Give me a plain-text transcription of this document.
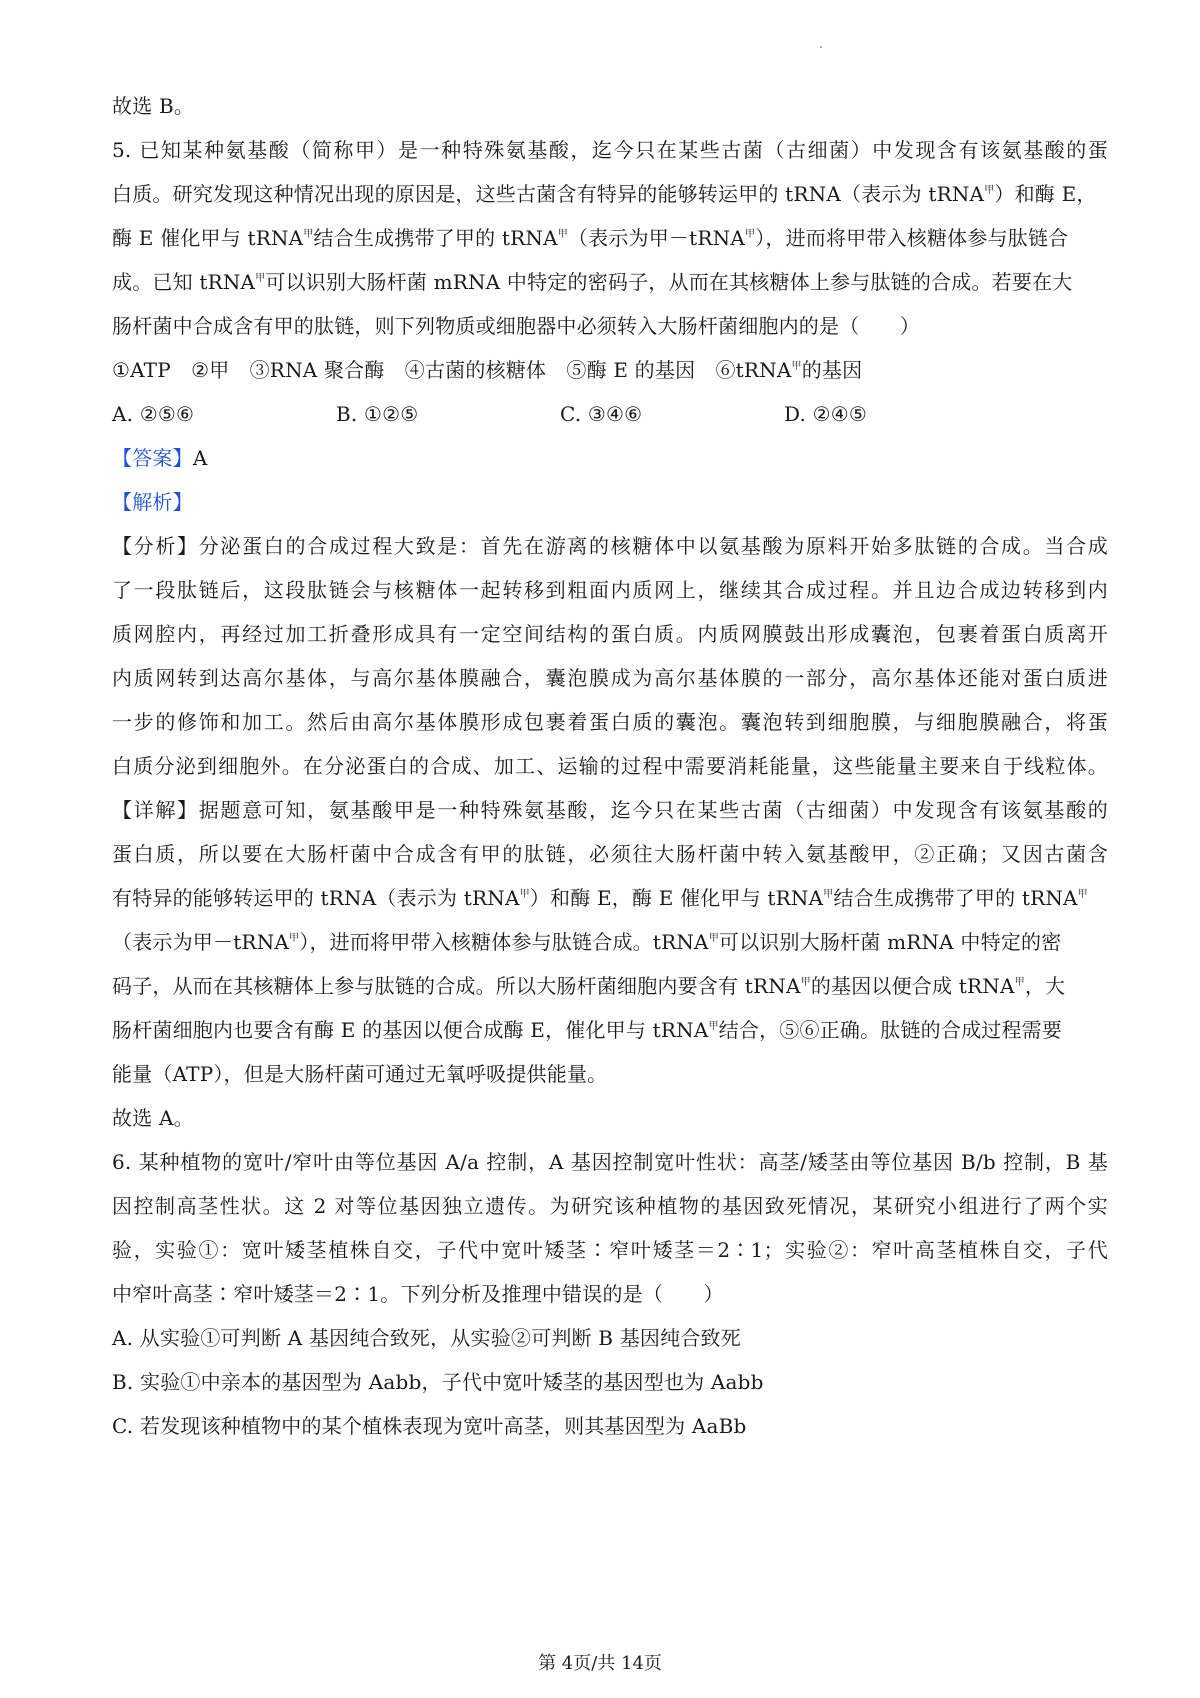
故选 B。
5. 已知某种氨基酸（简称甲）是一种特殊氨基酸，迄今只在某些古菌（古细菌）中发现含有该氨基酸的蛋
白质。研究发现这种情况出现的原因是，这些古菌含有特异的能够转运甲的 tRNA（表示为 tRNA$^甲$）和酶 E，
酶 E 催化甲与 tRNA$^甲$结合生成携带了甲的 tRNA$^甲$（表示为甲－tRNA$^甲$），进而将甲带入核糖体参与肽链合
成。已知 tRNA$^甲$可以识别大肠杆菌 mRNA 中特定的密码子，从而在其核糖体上参与肽链的合成。若要在大
肠杆菌中合成含有甲的肽链，则下列物质或细胞器中必须转入大肠杆菌细胞内的是（　　）
①ATP　②甲　③RNA 聚合酶　④古菌的核糖体　⑤酶 E 的基因　⑥tRNA$^甲$的基因
A. ②⑤⑥	B. ①②⑤	C. ③④⑥	D. ②④⑤
【答案】A
【解析】
【分析】分泌蛋白的合成过程大致是：首先在游离的核糖体中以氨基酸为原料开始多肽链的合成。当合成
了一段肽链后，这段肽链会与核糖体一起转移到粗面内质网上，继续其合成过程。并且边合成边转移到内
质网腔内，再经过加工折叠形成具有一定空间结构的蛋白质。内质网膜鼓出形成囊泡，包裹着蛋白质离开
内质网转到达高尔基体，与高尔基体膜融合，囊泡膜成为高尔基体膜的一部分，高尔基体还能对蛋白质进
一步的修饰和加工。然后由高尔基体膜形成包裹着蛋白质的囊泡。囊泡转到细胞膜，与细胞膜融合，将蛋
白质分泌到细胞外。在分泌蛋白的合成、加工、运输的过程中需要消耗能量，这些能量主要来自于线粒体。
【详解】据题意可知，氨基酸甲是一种特殊氨基酸，迄今只在某些古菌（古细菌）中发现含有该氨基酸的
蛋白质，所以要在大肠杆菌中合成含有甲的肽链，必须往大肠杆菌中转入氨基酸甲，②正确；又因古菌含
有特异的能够转运甲的 tRNA（表示为 tRNA$^甲$）和酶 E，酶 E 催化甲与 tRNA$^甲$结合生成携带了甲的 tRNA$^甲$
（表示为甲－tRNA$^甲$），进而将甲带入核糖体参与肽链合成。tRNA$^甲$可以识别大肠杆菌 mRNA 中特定的密
码子，从而在其核糖体上参与肽链的合成。所以大肠杆菌细胞内要含有 tRNA$^甲$的基因以便合成 tRNA$^甲$，大
肠杆菌细胞内也要含有酶 E 的基因以便合成酶 E，催化甲与 tRNA$^甲$结合，⑤⑥正确。肽链的合成过程需要
能量（ATP），但是大肠杆菌可通过无氧呼吸提供能量。
故选 A。
6. 某种植物的宽叶/窄叶由等位基因 A/a 控制，A 基因控制宽叶性状：高茎/矮茎由等位基因 B/b 控制，B 基
因控制高茎性状。这 2 对等位基因独立遗传。为研究该种植物的基因致死情况，某研究小组进行了两个实
验，实验①：宽叶矮茎植株自交，子代中宽叶矮茎∶窄叶矮茎＝2∶1；实验②：窄叶高茎植株自交，子代
中窄叶高茎∶窄叶矮茎＝2∶1。下列分析及推理中错误的是（　　）
A. 从实验①可判断 A 基因纯合致死，从实验②可判断 B 基因纯合致死
B. 实验①中亲本的基因型为 Aabb，子代中宽叶矮茎的基因型也为 Aabb
C. 若发现该种植物中的某个植株表现为宽叶高茎，则其基因型为 AaBb
第 4页/共 14页
